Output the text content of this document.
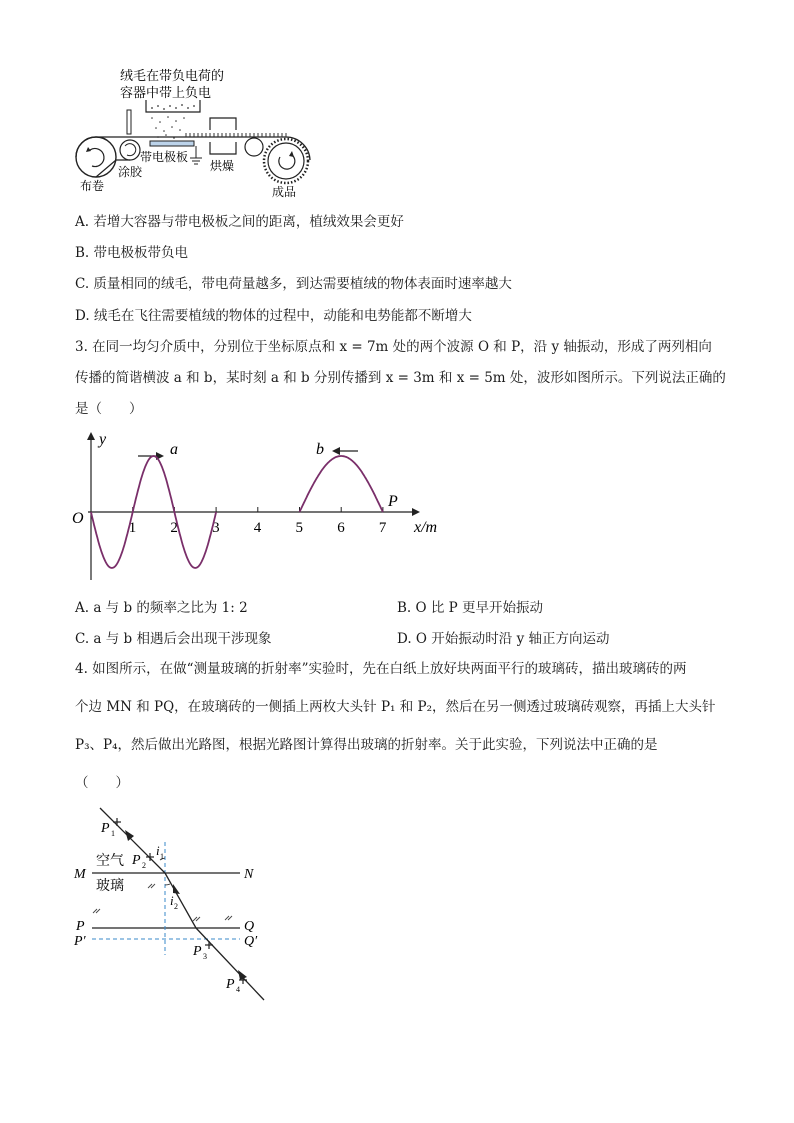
绒毛在带负电荷的
容器中带上负电
布卷
涂胶
带电极板
烘燥
成品
A. 若增大容器与带电极板之间的距离，植绒效果会更好
B. 带电极板带负电
C. 质量相同的绒毛，带电荷量越多，到达需要植绒的物体表面时速率越大
D. 绒毛在飞往需要植绒的物体的过程中，动能和电势能都不断增大
3. 在同一均匀介质中，分别位于坐标原点和 x = 7m 处的两个波源 O 和 P，沿 y 轴振动，形成了两列相向
传播的简谐横波 a 和 b，某时刻 a 和 b 分别传播到 x = 3m 和 x = 5m 处，波形如图所示。下列说法正确的
是（　　）
y
x/m
O
a	b
P
1 2 3 4 5 6 7
A. a 与 b 的频率之比为 1: 2	B. O 比 P 更早开始振动
C. a 与 b 相遇后会出现干涉现象	D. O 开始振动时沿 y 轴正方向运动
4. 如图所示，在做“测量玻璃的折射率”实验时，先在白纸上放好块两面平行的玻璃砖，描出玻璃砖的两
个边 MN 和 PQ，在玻璃砖的一侧插上两枚大头针 P₁ 和 P₂，然后在另一侧透过玻璃砖观察，再插上大头针
P₃、P₄，然后做出光路图，根据光路图计算得出玻璃的折射率。关于此实验，下列说法中正确的是
（　　）
M	N
P	Q
P′	Q′
空气
玻璃
P 1
P 2
P 3
P 4
i 1
i 2
